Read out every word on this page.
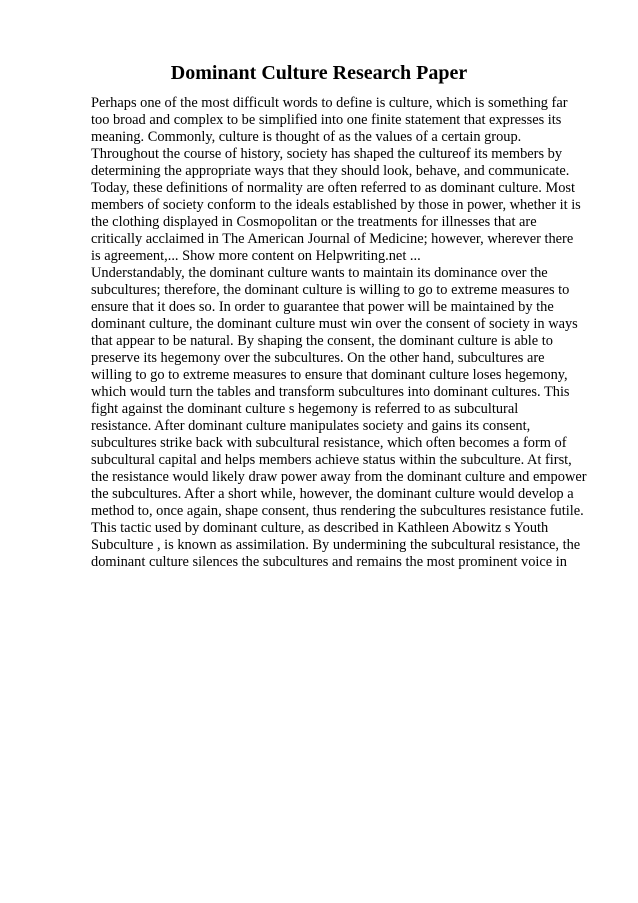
Dominant Culture Research Paper
Perhaps one of the most difficult words to define is culture, which is something far
too broad and complex to be simplified into one finite statement that expresses its
meaning. Commonly, culture is thought of as the values of a certain group.
Throughout the course of history, society has shaped the cultureof its members by
determining the appropriate ways that they should look, behave, and communicate.
Today, these definitions of normality are often referred to as dominant culture. Most
members of society conform to the ideals established by those in power, whether it is
the clothing displayed in Cosmopolitan or the treatments for illnesses that are
critically acclaimed in The American Journal of Medicine; however, wherever there
is agreement,... Show more content on Helpwriting.net ...
Understandably, the dominant culture wants to maintain its dominance over the
subcultures; therefore, the dominant culture is willing to go to extreme measures to
ensure that it does so. In order to guarantee that power will be maintained by the
dominant culture, the dominant culture must win over the consent of society in ways
that appear to be natural. By shaping the consent, the dominant culture is able to
preserve its hegemony over the subcultures. On the other hand, subcultures are
willing to go to extreme measures to ensure that dominant culture loses hegemony,
which would turn the tables and transform subcultures into dominant cultures. This
fight against the dominant culture s hegemony is referred to as subcultural
resistance. After dominant culture manipulates society and gains its consent,
subcultures strike back with subcultural resistance, which often becomes a form of
subcultural capital and helps members achieve status within the subculture. At first,
the resistance would likely draw power away from the dominant culture and empower
the subcultures. After a short while, however, the dominant culture would develop a
method to, once again, shape consent, thus rendering the subcultures resistance futile.
This tactic used by dominant culture, as described in Kathleen Abowitz s Youth
Subculture , is known as assimilation. By undermining the subcultural resistance, the
dominant culture silences the subcultures and remains the most prominent voice in
